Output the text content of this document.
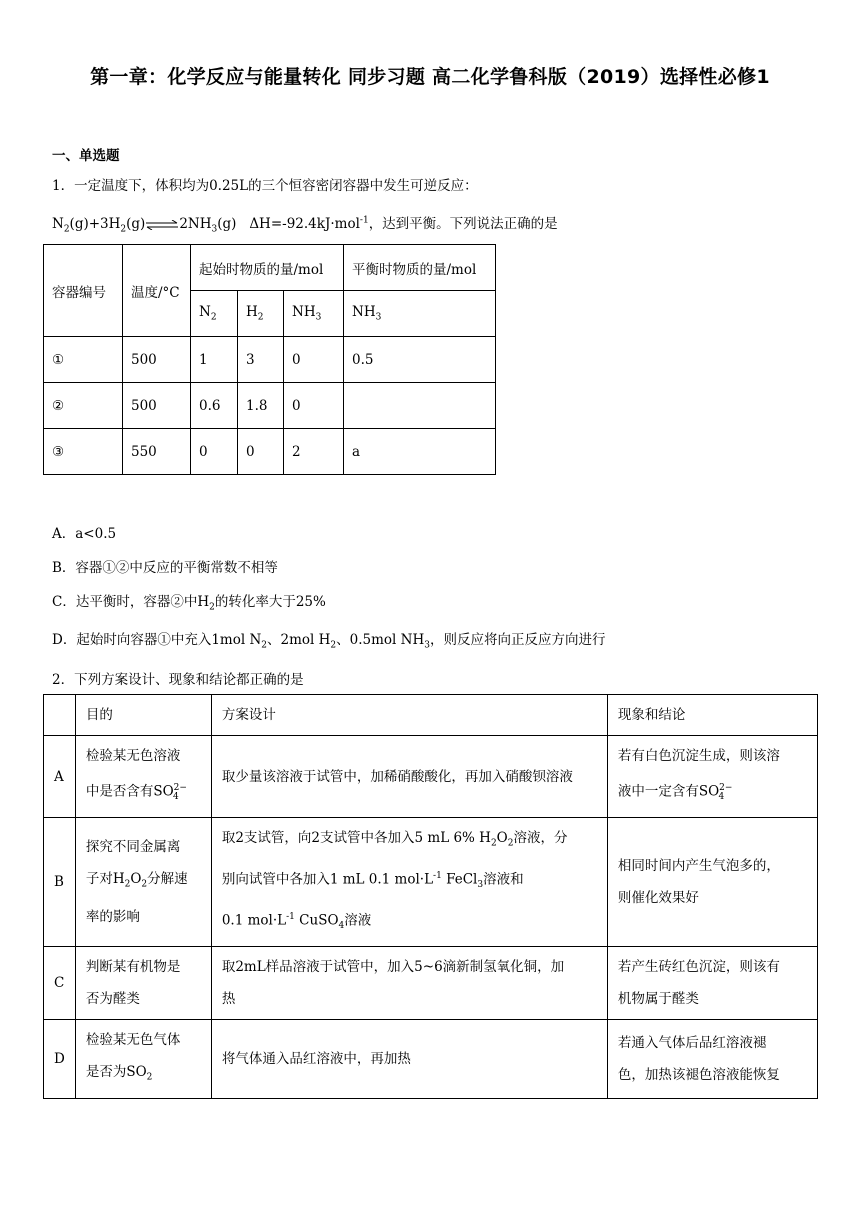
第一章：化学反应与能量转化 同步习题 高二化学鲁科版（2019）选择性必修1
一、单选题
1．一定温度下，体积均为0.25L的三个恒容密闭容器中发生可逆反应：
$N_2(g)+3H_2(g)\rightleftharpoons 2NH_3(g)$ ΔH=-92.4kJ·mol$^{-1}$，达到平衡。下列说法正确的是
容器编号	温度/°C	起始时物质的量/mol			平衡时物质的量/mol
		$N_2$	$H_2$	$NH_3$	$NH_3$
①	500	1	3	0	0.5
②	500	0.6	1.8	0	
③	550	0	0	2	a
A．a<0.5
B．容器①②中反应的平衡常数不相等
C．达平衡时，容器②中$H_2$的转化率大于25%
D．起始时向容器①中充入1mol $N_2$、2mol $H_2$、0.5mol $NH_3$，则反应将向正反应方向进行
2．下列方案设计、现象和结论都正确的是
	目的	方案设计	现象和结论
A	检验某无色溶液
中是否含有$SO^{2-}_4$	取少量该溶液于试管中，加稀硝酸酸化，再加入硝酸钡溶液	若有白色沉淀生成，则该溶
液中一定含有$SO^{2-}_4$
B	探究不同金属离
子对$H_2O_2$分解速
率的影响	取2支试管，向2支试管中各加入5 mL 6% $H_2O_2$溶液，分
别向试管中各加入1 mL 0.1 $mol\cdot L^{-1}$ FeCl$_3$溶液和
0.1 $mol\cdot L^{-1}$ CuSO$_4$溶液	相同时间内产生气泡多的，
则催化效果好
C	判断某有机物是
否为醛类	取2mL样品溶液于试管中，加入5~6滴新制氢氧化铜，加
热	若产生砖红色沉淀，则该有
机物属于醛类
D	检验某无色气体
是否为$SO_2$	将气体通入品红溶液中，再加热	若通入气体后品红溶液褪
色，加热该褪色溶液能恢复
